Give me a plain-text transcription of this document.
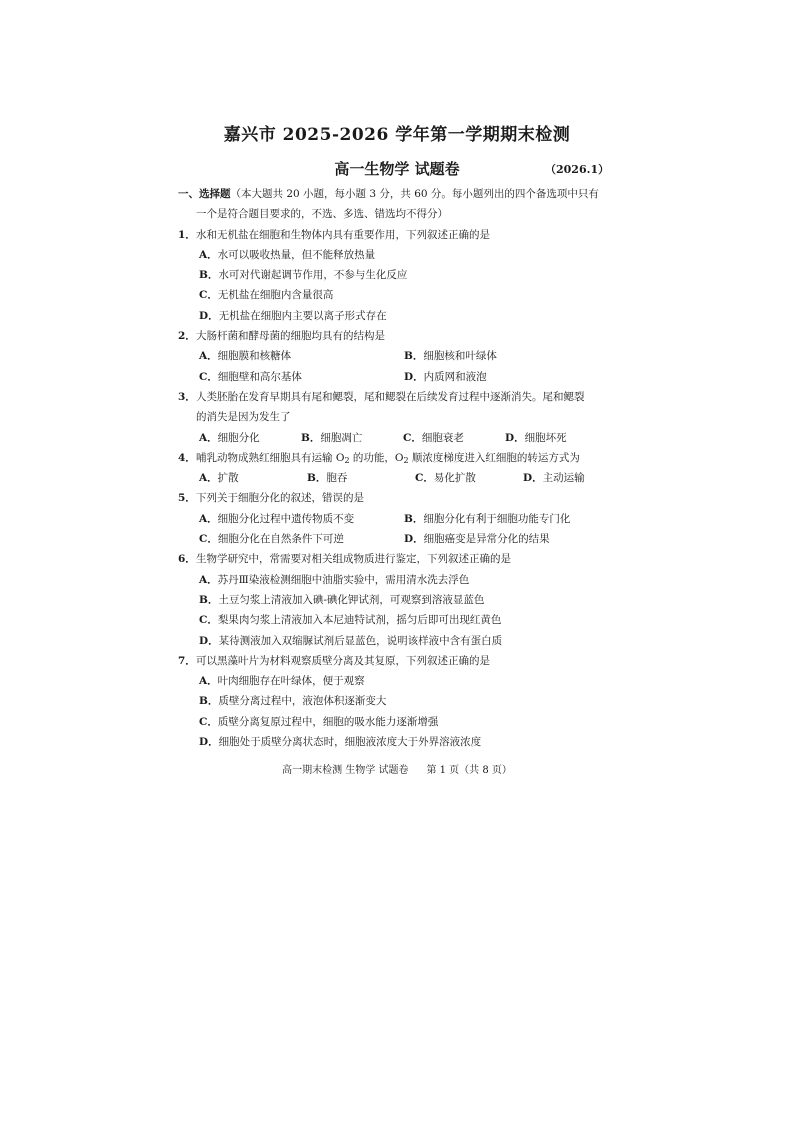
嘉兴市 2025-2026 学年第一学期期末检测
高一生物学 试题卷	（2026.1）
一、选择题（本大题共 20 小题，每小题 3 分，共 60 分。每小题列出的四个备选项中只有
一个是符合题目要求的，不选、多选、错选均不得分）
1．水和无机盐在细胞和生物体内具有重要作用，下列叙述正确的是
A． 水可以吸收热量，但不能释放热量
B． 水可对代谢起调节作用，不参与生化反应
C． 无机盐在细胞内含量很高
D． 无机盐在细胞内主要以离子形式存在
2．大肠杆菌和酵母菌的细胞均具有的结构是
A．细胞膜和核糖体	B．细胞核和叶绿体
C．细胞壁和高尔基体	D．内质网和液泡
3．人类胚胎在发育早期具有尾和鳃裂，尾和鳃裂在后续发育过程中逐渐消失。尾和鳃裂
的消失是因为发生了
A．细胞分化	B．细胞凋亡	C．细胞衰老	D．细胞坏死
4．哺乳动物成熟红细胞具有运输 $O_2$ 的功能，$O_2$ 顺浓度梯度进入红细胞的转运方式为
A．扩散	B．胞吞	C．易化扩散	D．主动运输
5．下列关于细胞分化的叙述，错误的是
A．细胞分化过程中遗传物质不变	B．细胞分化有利于细胞功能专门化
C．细胞分化在自然条件下可逆	D．细胞癌变是异常分化的结果
6．生物学研究中，常需要对相关组成物质进行鉴定，下列叙述正确的是
A． 苏丹Ⅲ染液检测细胞中油脂实验中，需用清水洗去浮色
B． 土豆匀浆上清液加入碘-碘化钾试剂，可观察到溶液显蓝色
C． 梨果肉匀浆上清液加入本尼迪特试剂，摇匀后即可出现红黄色
D． 某待测液加入双缩脲试剂后显蓝色，说明该样液中含有蛋白质
7．可以黑藻叶片为材料观察质壁分离及其复原，下列叙述正确的是
A． 叶肉细胞存在叶绿体，便于观察
B． 质壁分离过程中，液泡体积逐渐变大
C． 质壁分离复原过程中，细胞的吸水能力逐渐增强
D． 细胞处于质壁分离状态时，细胞液浓度大于外界溶液浓度
高一期末检测 生物学 试题卷 第 1 页（共 8 页）
